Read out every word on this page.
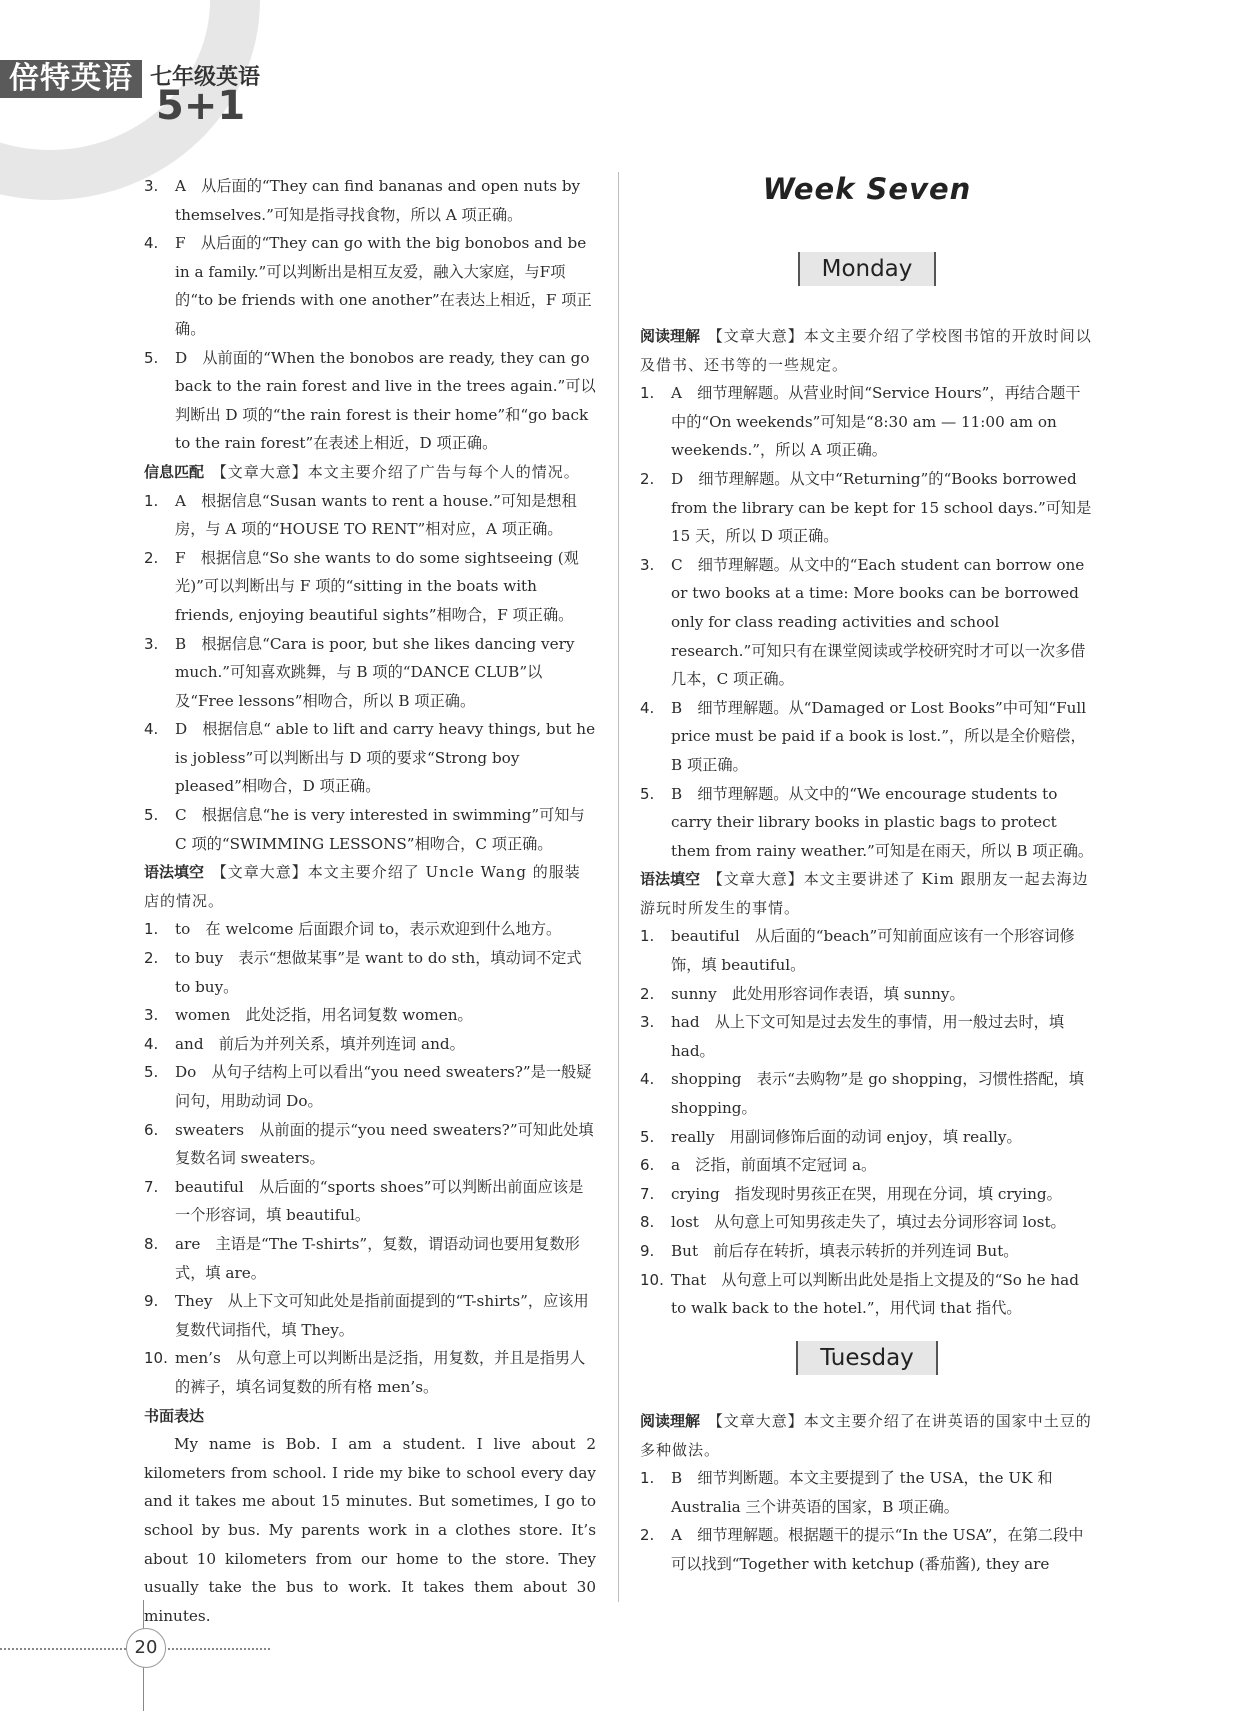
倍特英语 七年级英语
5+1
3. A　从后面的“They can find bananas and open nuts by themselves.”可知是指寻找食物，所以 A 项正确。

4. F　从后面的“They can go with the big bonobos and be in a family.”可以判断出是相互友爱，融入大家庭，与F项的“to be friends with one another”在表达上相近，F 项正确。

5. D　从前面的“When the bonobos are ready, they can go back to the rain forest and live in the trees again.”可以判断出 D 项的“the rain forest is their home”和“go back to the rain forest”在表述上相近，D 项正确。

信息匹配　 【文章大意】本文主要介绍了广告与每个人的情况。

1. A　根据信息“Susan wants to rent a house.”可知是想租房，与 A 项的“HOUSE TO RENT”相对应，A 项正确。

2. F　根据信息“So she wants to do some sightseeing (观光)”可以判断出与 F 项的“sitting in the boats with friends, enjoying beautiful sights”相吻合，F 项正确。

3. B　根据信息“Cara is poor, but she likes dancing very much.”可知喜欢跳舞，与 B 项的“DANCE CLUB”以及“Free lessons”相吻合，所以 B 项正确。

4. D　根据信息“ able to lift and carry heavy things, but he is jobless”可以判断出与 D 项的要求“Strong boy pleased”相吻合，D 项正确。

5. C　根据信息“he is very interested in swimming”可知与 C 项的“SWIMMING LESSONS”相吻合，C 项正确。

语法填空　 【文章大意】本文主要介绍了 Uncle Wang 的服装店的情况。

1. to　在 welcome 后面跟介词 to，表示欢迎到什么地方。

2. to buy　表示“想做某事”是 want to do sth，填动词不定式 to buy。

3. women　此处泛指，用名词复数 women。

4. and　前后为并列关系，填并列连词 and。

5. Do　从句子结构上可以看出“you need sweaters?”是一般疑问句，用助动词 Do。

6. sweaters　从前面的提示“you need sweaters?”可知此处填复数名词 sweaters。

7. beautiful　从后面的“sports shoes”可以判断出前面应该是一个形容词，填 beautiful。

8. are　主语是“The T-shirts”，复数，谓语动词也要用复数形式，填 are。

9. They　从上下文可知此处是指前面提到的“T-shirts”，应该用复数代词指代，填 They。

10. men’s　从句意上可以判断出是泛指，用复数，并且是指男人的裤子，填名词复数的所有格 men’s。

书面表达

My name is Bob. I am a student. I live about 2 kilometers from school. I ride my bike to school every day and it takes me about 15 minutes. But sometimes, I go to school by bus. My parents work in a clothes store. It’s about 10 kilometers from our home to the store. They usually take the bus to work. It takes them about 30 minutes.

Week Seven
Monday

阅读理解　 【文章大意】本文主要介绍了学校图书馆的开放时间以及借书、还书等的一些规定。

1. A　细节理解题。从营业时间“Service Hours”，再结合题干中的“On weekends”可知是“8:30 am — 11:00 am on weekends.”，所以 A 项正确。

2. D　细节理解题。从文中“Returning”的“Books borrowed from the library can be kept for 15 school days.”可知是 15 天，所以 D 项正确。

3. C　细节理解题。从文中的“Each student can borrow one or two books at a time: More books can be borrowed only for class reading activities and school research.”可知只有在课堂阅读或学校研究时才可以一次多借几本，C 项正确。

4. B　细节理解题。从“Damaged or Lost Books”中可知“Full price must be paid if a book is lost.”，所以是全价赔偿，B 项正确。

5. B　细节理解题。从文中的“We encourage students to carry their library books in plastic bags to protect them from rainy weather.”可知是在雨天，所以 B 项正确。

语法填空　 【文章大意】本文主要讲述了 Kim 跟朋友一起去海边游玩时所发生的事情。

1. beautiful　从后面的“beach”可知前面应该有一个形容词修饰，填 beautiful。

2. sunny　此处用形容词作表语，填 sunny。

3. had　从上下文可知是过去发生的事情，用一般过去时，填 had。

4. shopping　表示“去购物”是 go shopping，习惯性搭配，填 shopping。

5. really　用副词修饰后面的动词 enjoy，填 really。

6. a　泛指，前面填不定冠词 a。

7. crying　指发现时男孩正在哭，用现在分词，填 crying。

8. lost　从句意上可知男孩走失了，填过去分词形容词 lost。

9. But　前后存在转折，填表示转折的并列连词 But。

10. That　从句意上可以判断出此处是指上文提及的“So he had to walk back to the hotel.”，用代词 that 指代。

Tuesday

阅读理解　 【文章大意】本文主要介绍了在讲英语的国家中土豆的多种做法。

1. B　细节判断题。本文主要提到了 the USA，the UK 和 Australia 三个讲英语的国家，B 项正确。

2. A　细节理解题。根据题干的提示“In the USA”，在第二段中可以找到“Together with ketchup (番茄酱), they are

20
